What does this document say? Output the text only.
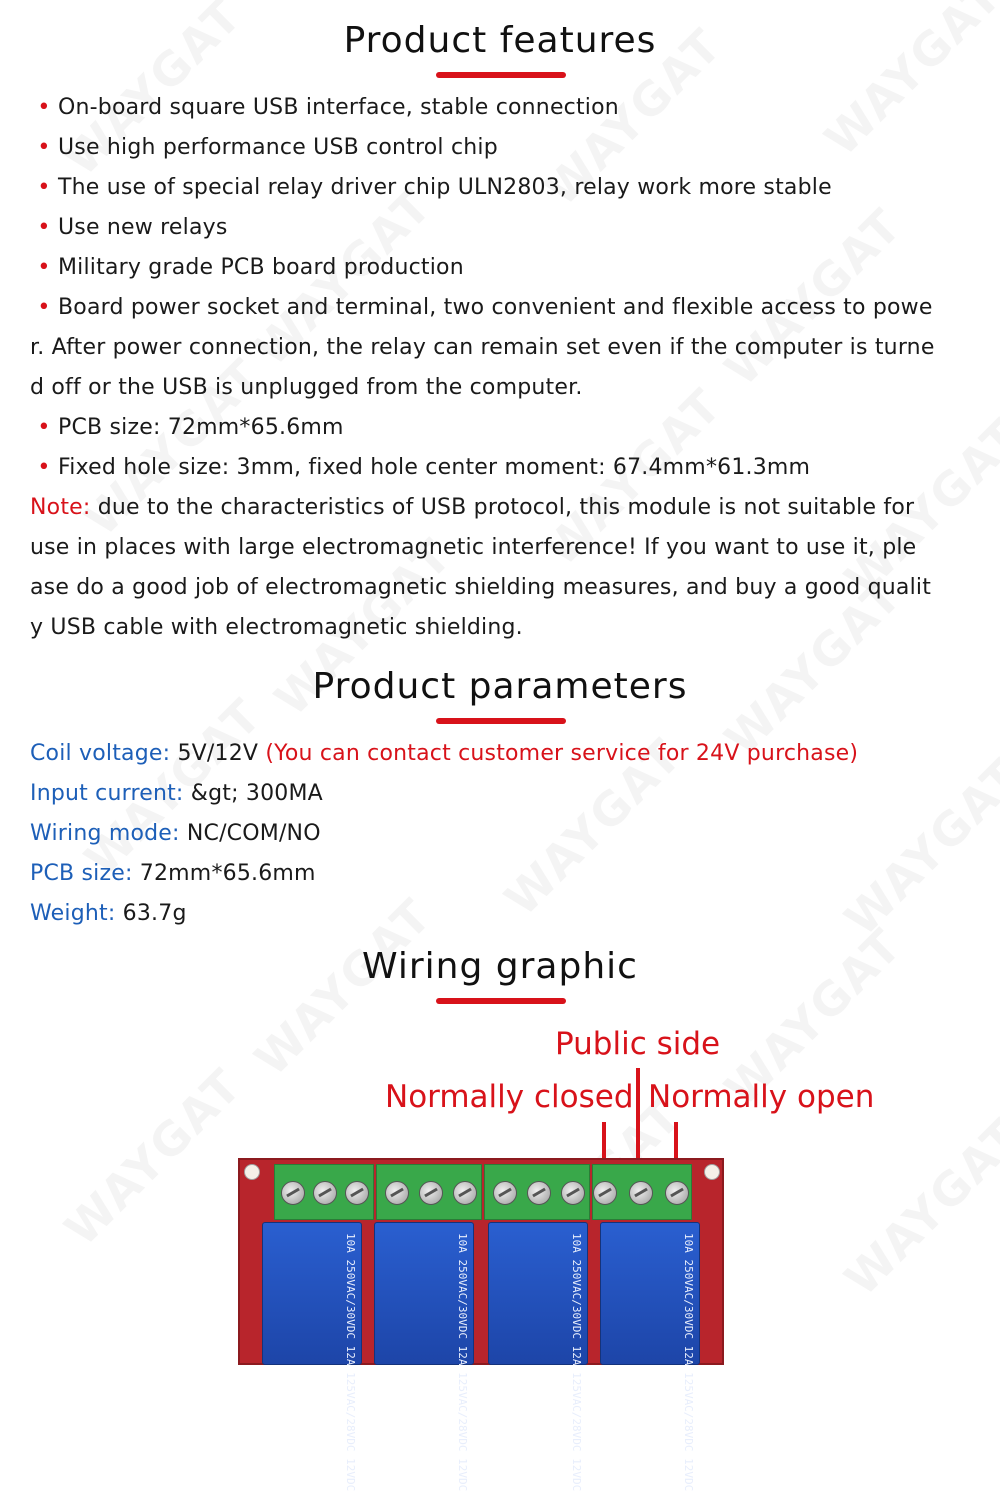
Product features
• On-board square USB interface, stable connection
• Use high performance USB control chip
• The use of special relay driver chip ULN2803, relay work more stable
• Use new relays
• Military grade PCB board production
• Board power socket and terminal, two convenient and flexible access to powe
r. After power connection, the relay can remain set even if the computer is turne
d off or the USB is unplugged from the computer.
• PCB size: 72mm*65.6mm
• Fixed hole size: 3mm, fixed hole center moment: 67.4mm*61.3mm
Note: due to the characteristics of USB protocol, this module is not suitable for
use in places with large electromagnetic interference! If you want to use it, ple
ase do a good job of electromagnetic shielding measures, and buy a good qualit
y USB cable with electromagnetic shielding.
Product parameters
Coil voltage: 5V/12V (You can contact customer service for 24V purchase)
Input current: &gt; 300MA
Wiring mode: NC/COM/NO
PCB size: 72mm*65.6mm
Weight: 63.7g
Wiring graphic
Public side
Normally closed Normally open
10A 250VAC/30VDC 12A 125VAC/28VDC 12VDC	10A 250VAC/30VDC 12A 125VAC/28VDC 12VDC	10A 250VAC/30VDC 12A 125VAC/28VDC 12VDC	10A 250VAC/30VDC 12A 125VAC/28VDC 12VDC
